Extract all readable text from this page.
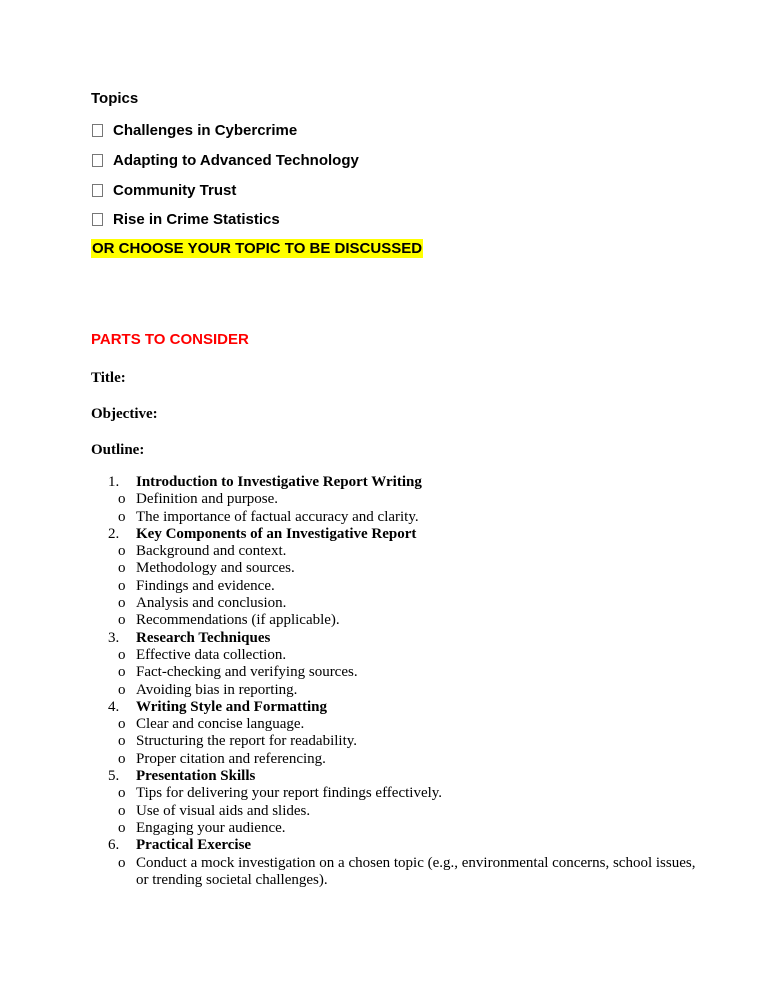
Topics
Challenges in Cybercrime
Adapting to Advanced Technology
Community Trust
Rise in Crime Statistics
OR CHOOSE YOUR TOPIC TO BE DISCUSSED
PARTS TO CONSIDER
Title:
Objective:
Outline:
1. Introduction to Investigative Report Writing
o Definition and purpose.
o The importance of factual accuracy and clarity.
2. Key Components of an Investigative Report
o Background and context.
o Methodology and sources.
o Findings and evidence.
o Analysis and conclusion.
o Recommendations (if applicable).
3. Research Techniques
o Effective data collection.
o Fact-checking and verifying sources.
o Avoiding bias in reporting.
4. Writing Style and Formatting
o Clear and concise language.
o Structuring the report for readability.
o Proper citation and referencing.
5. Presentation Skills
o Tips for delivering your report findings effectively.
o Use of visual aids and slides.
o Engaging your audience.
6. Practical Exercise
o Conduct a mock investigation on a chosen topic (e.g., environmental concerns, school issues, or trending societal challenges).
